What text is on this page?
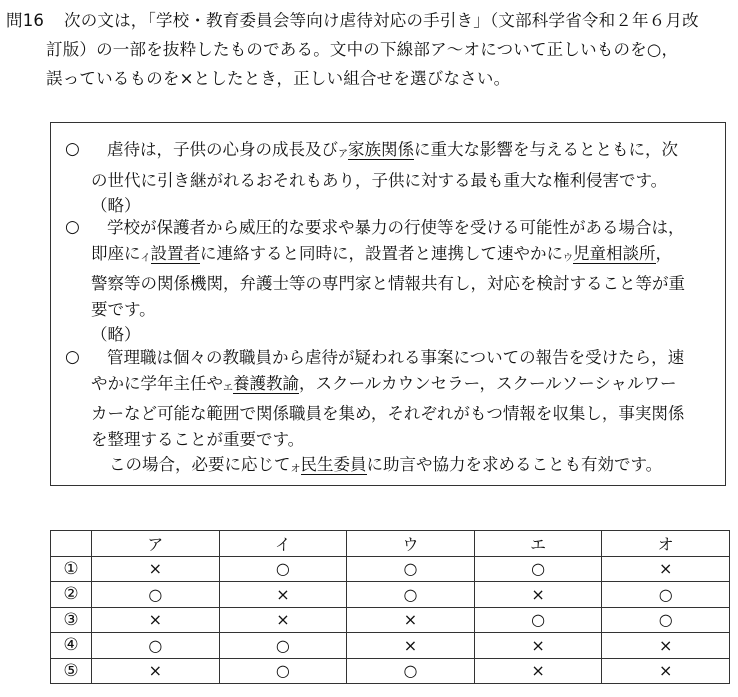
問16 次の文は，「学校・教育委員会等向け虐待対応の手引き」（文部科学省令和２年６月改
訂版）の一部を抜粋したものである。文中の下線部ア～オについて正しいものを○，
誤っているものを×としたとき，正しい組合せを選びなさい。
○	虐待は，子供の心身の成長及び$_ア$家族関係に重大な影響を与えるとともに，次
の世代に引き継がれるおそれもあり，子供に対する最も重大な権利侵害です。
（略）
○	学校が保護者から威圧的な要求や暴力の行使等を受ける可能性がある場合は，
即座に$_イ$設置者に連絡すると同時に，設置者と連携して速やかに$_ウ$児童相談所，
警察等の関係機関，弁護士等の専門家と情報共有し，対応を検討すること等が重
要です。
（略）
○	管理職は個々の教職員から虐待が疑われる事案についての報告を受けたら，速
やかに学年主任や$_エ$養護教諭，スクールカウンセラー，スクールソーシャルワー
カーなど可能な範囲で関係職員を集め，それぞれがもつ情報を収集し，事実関係
を整理することが重要です。
この場合，必要に応じて$_オ$民生委員に助言や協力を求めることも有効です。
	ア	イ	ウ	エ	オ
①	×	○	○	○	×
②	○	×	○	×	○
③	×	×	×	○	○
④	○	○	×	×	×
⑤	×	○	○	×	×
